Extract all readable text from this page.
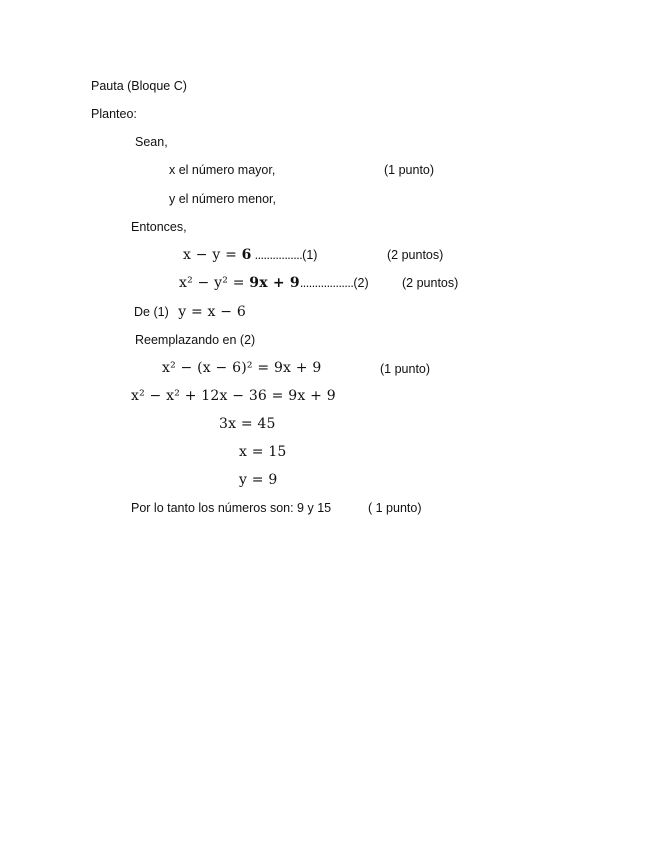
Pauta (Bloque C)
Planteo:
Sean,
x el número mayor,	(1 punto)
y el número menor,
Entonces,
x − y = 6 ................(1)	(2 puntos)
x² − y² = 9x + 9..................(2)	(2 puntos)
De (1) y = x − 6
Reemplazando en (2)
x² − (x − 6)² = 9x + 9	(1 punto)
x² − x² + 12x − 36 = 9x + 9
3x = 45
x = 15
y = 9
Por lo tanto los números son: 9 y 15	( 1 punto)
